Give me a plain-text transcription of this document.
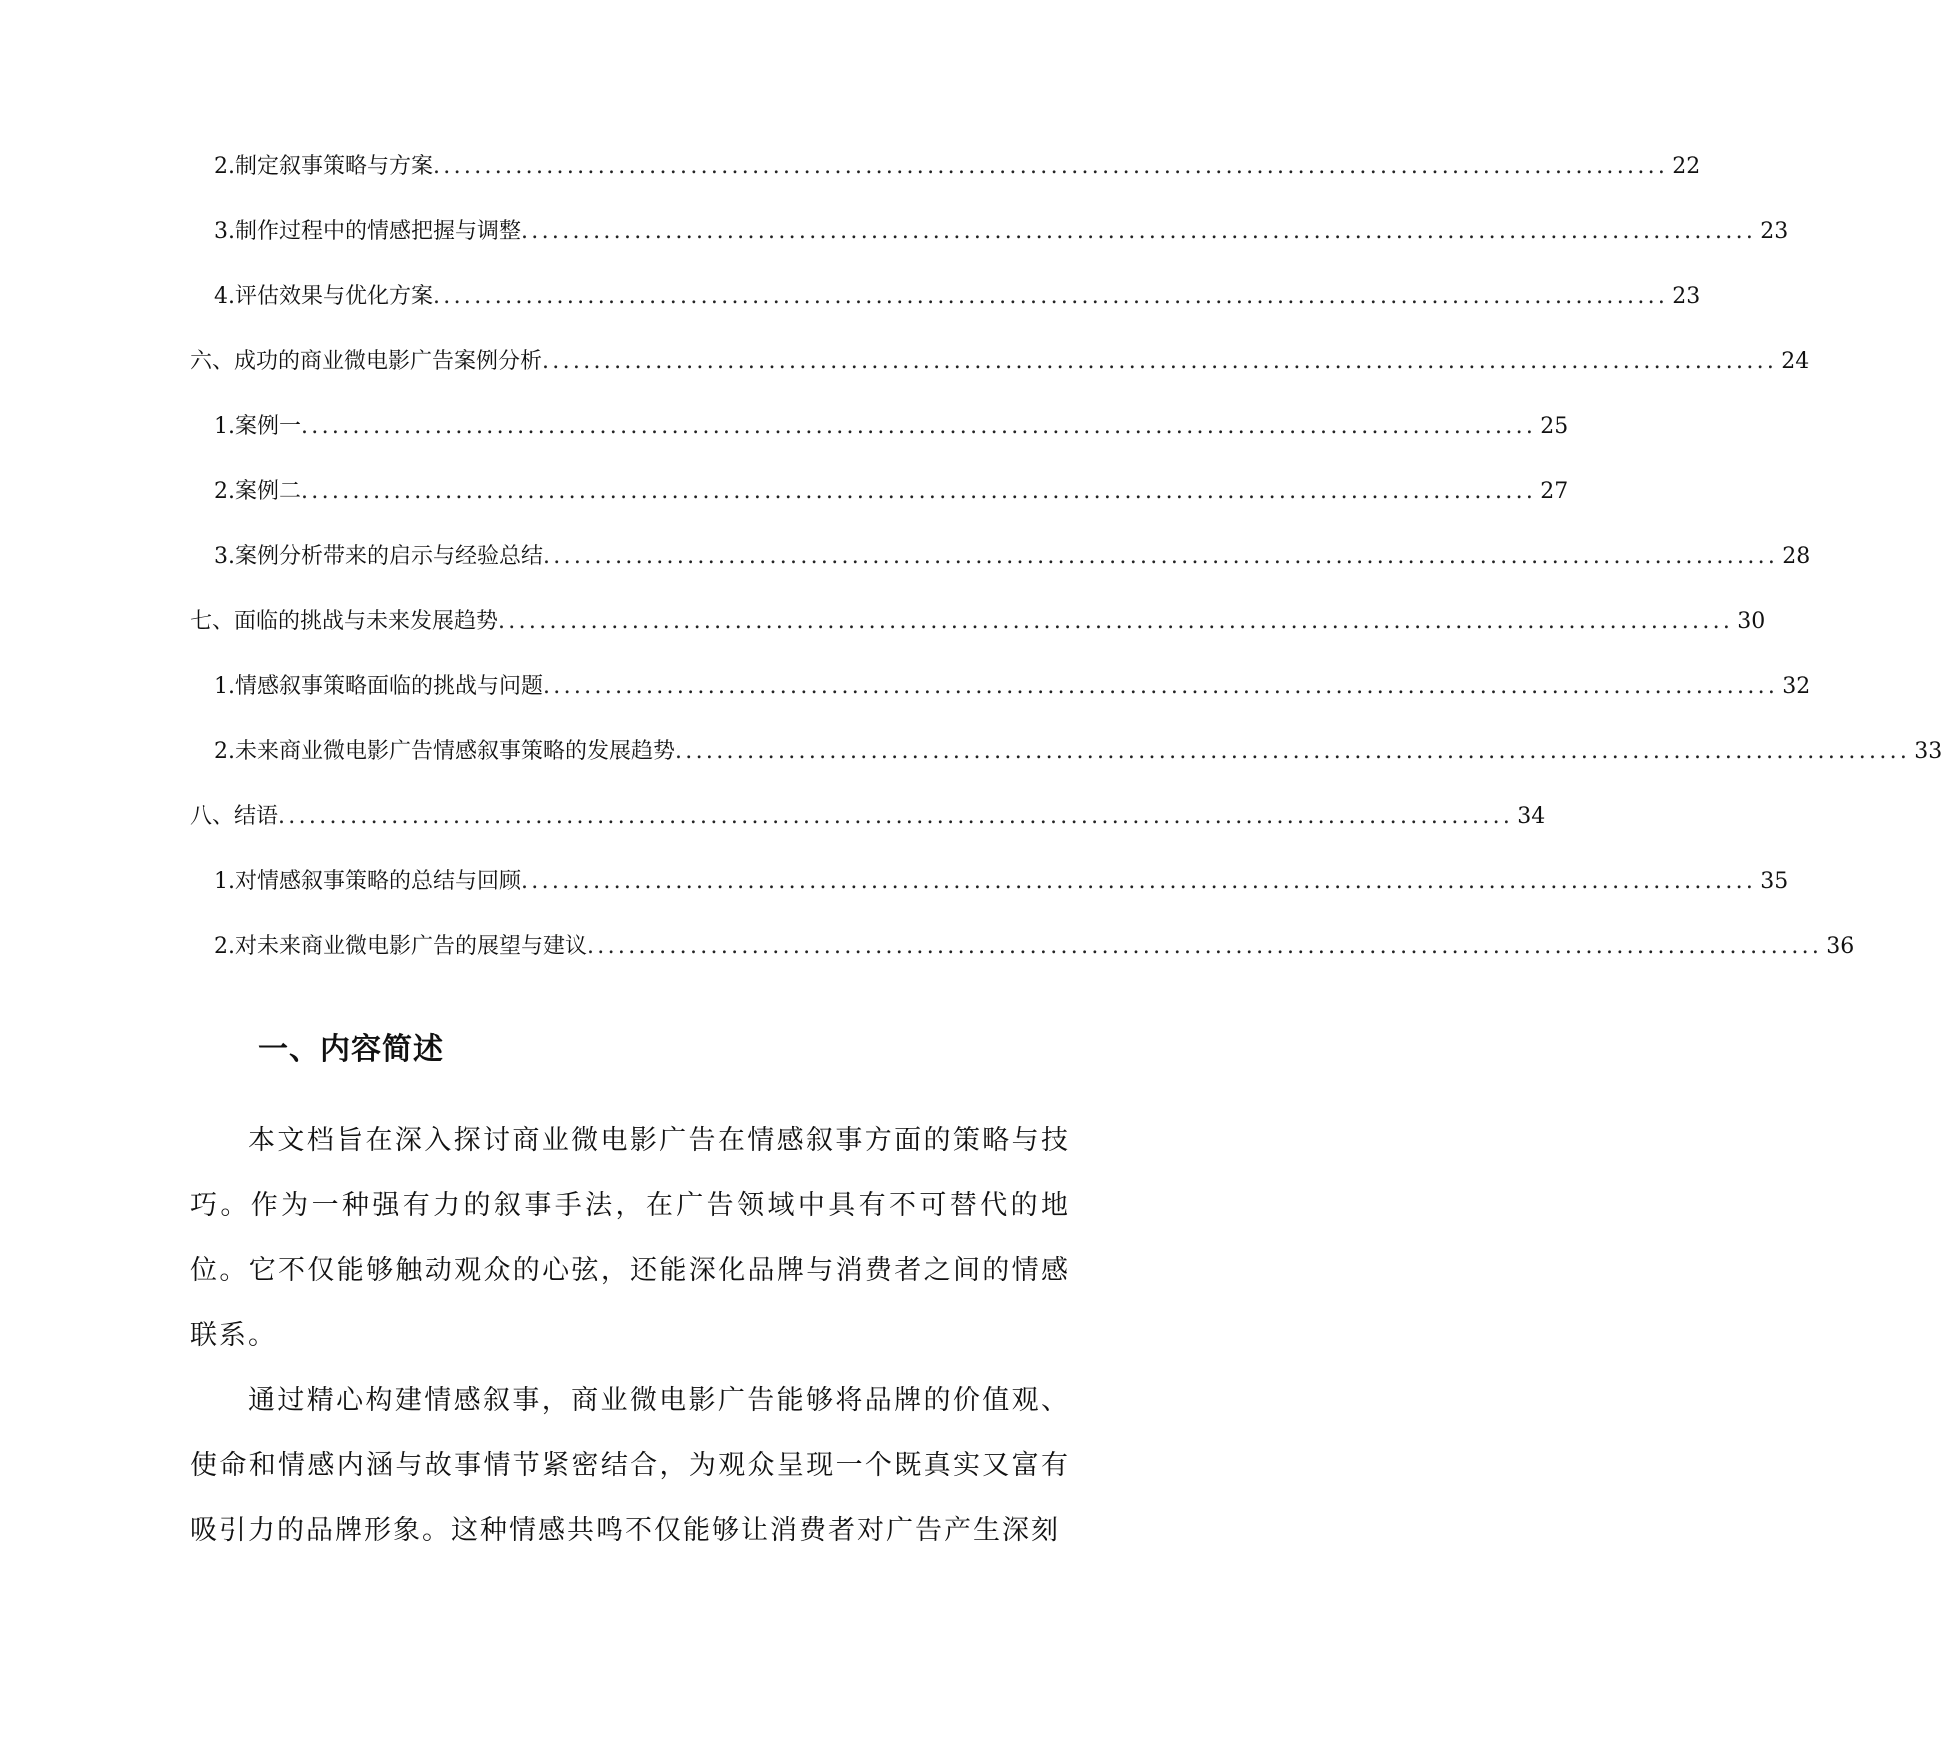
2. 制定叙事策略与方案 ........................................................................................................................ 22
3. 制作过程中的情感把握与调整 ........................................................................................................................ 23
4. 评估效果与优化方案 ........................................................................................................................ 23
六、成功的商业微电影广告案例分析 ........................................................................................................................ 24
1. 案例一 ........................................................................................................................ 25
2. 案例二 ........................................................................................................................ 27
3. 案例分析带来的启示与经验总结 ........................................................................................................................ 28
七、面临的挑战与未来发展趋势 ........................................................................................................................ 30
1. 情感叙事策略面临的挑战与问题 ........................................................................................................................ 32
2. 未来商业微电影广告情感叙事策略的发展趋势 ........................................................................................................................ 33
八、结语 ........................................................................................................................ 34
1. 对情感叙事策略的总结与回顾 ........................................................................................................................ 35
2. 对未来商业微电影广告的展望与建议 ........................................................................................................................ 36
一、内容简述

本文档旨在深入探讨商业微电影广告在情感叙事方面的策略与技巧。作为一种强有力的叙事手法，在广告领域中具有不可替代的地位。它不仅能够触动观众的心弦，还能深化品牌与消费者之间的情感联系。

通过精心构建情感叙事，商业微电影广告能够将品牌的价值观、使命和情感内涵与故事情节紧密结合，为观众呈现一个既真实又富有吸引力的品牌形象。这种情感共鸣不仅能够让消费者对广告产生深刻
